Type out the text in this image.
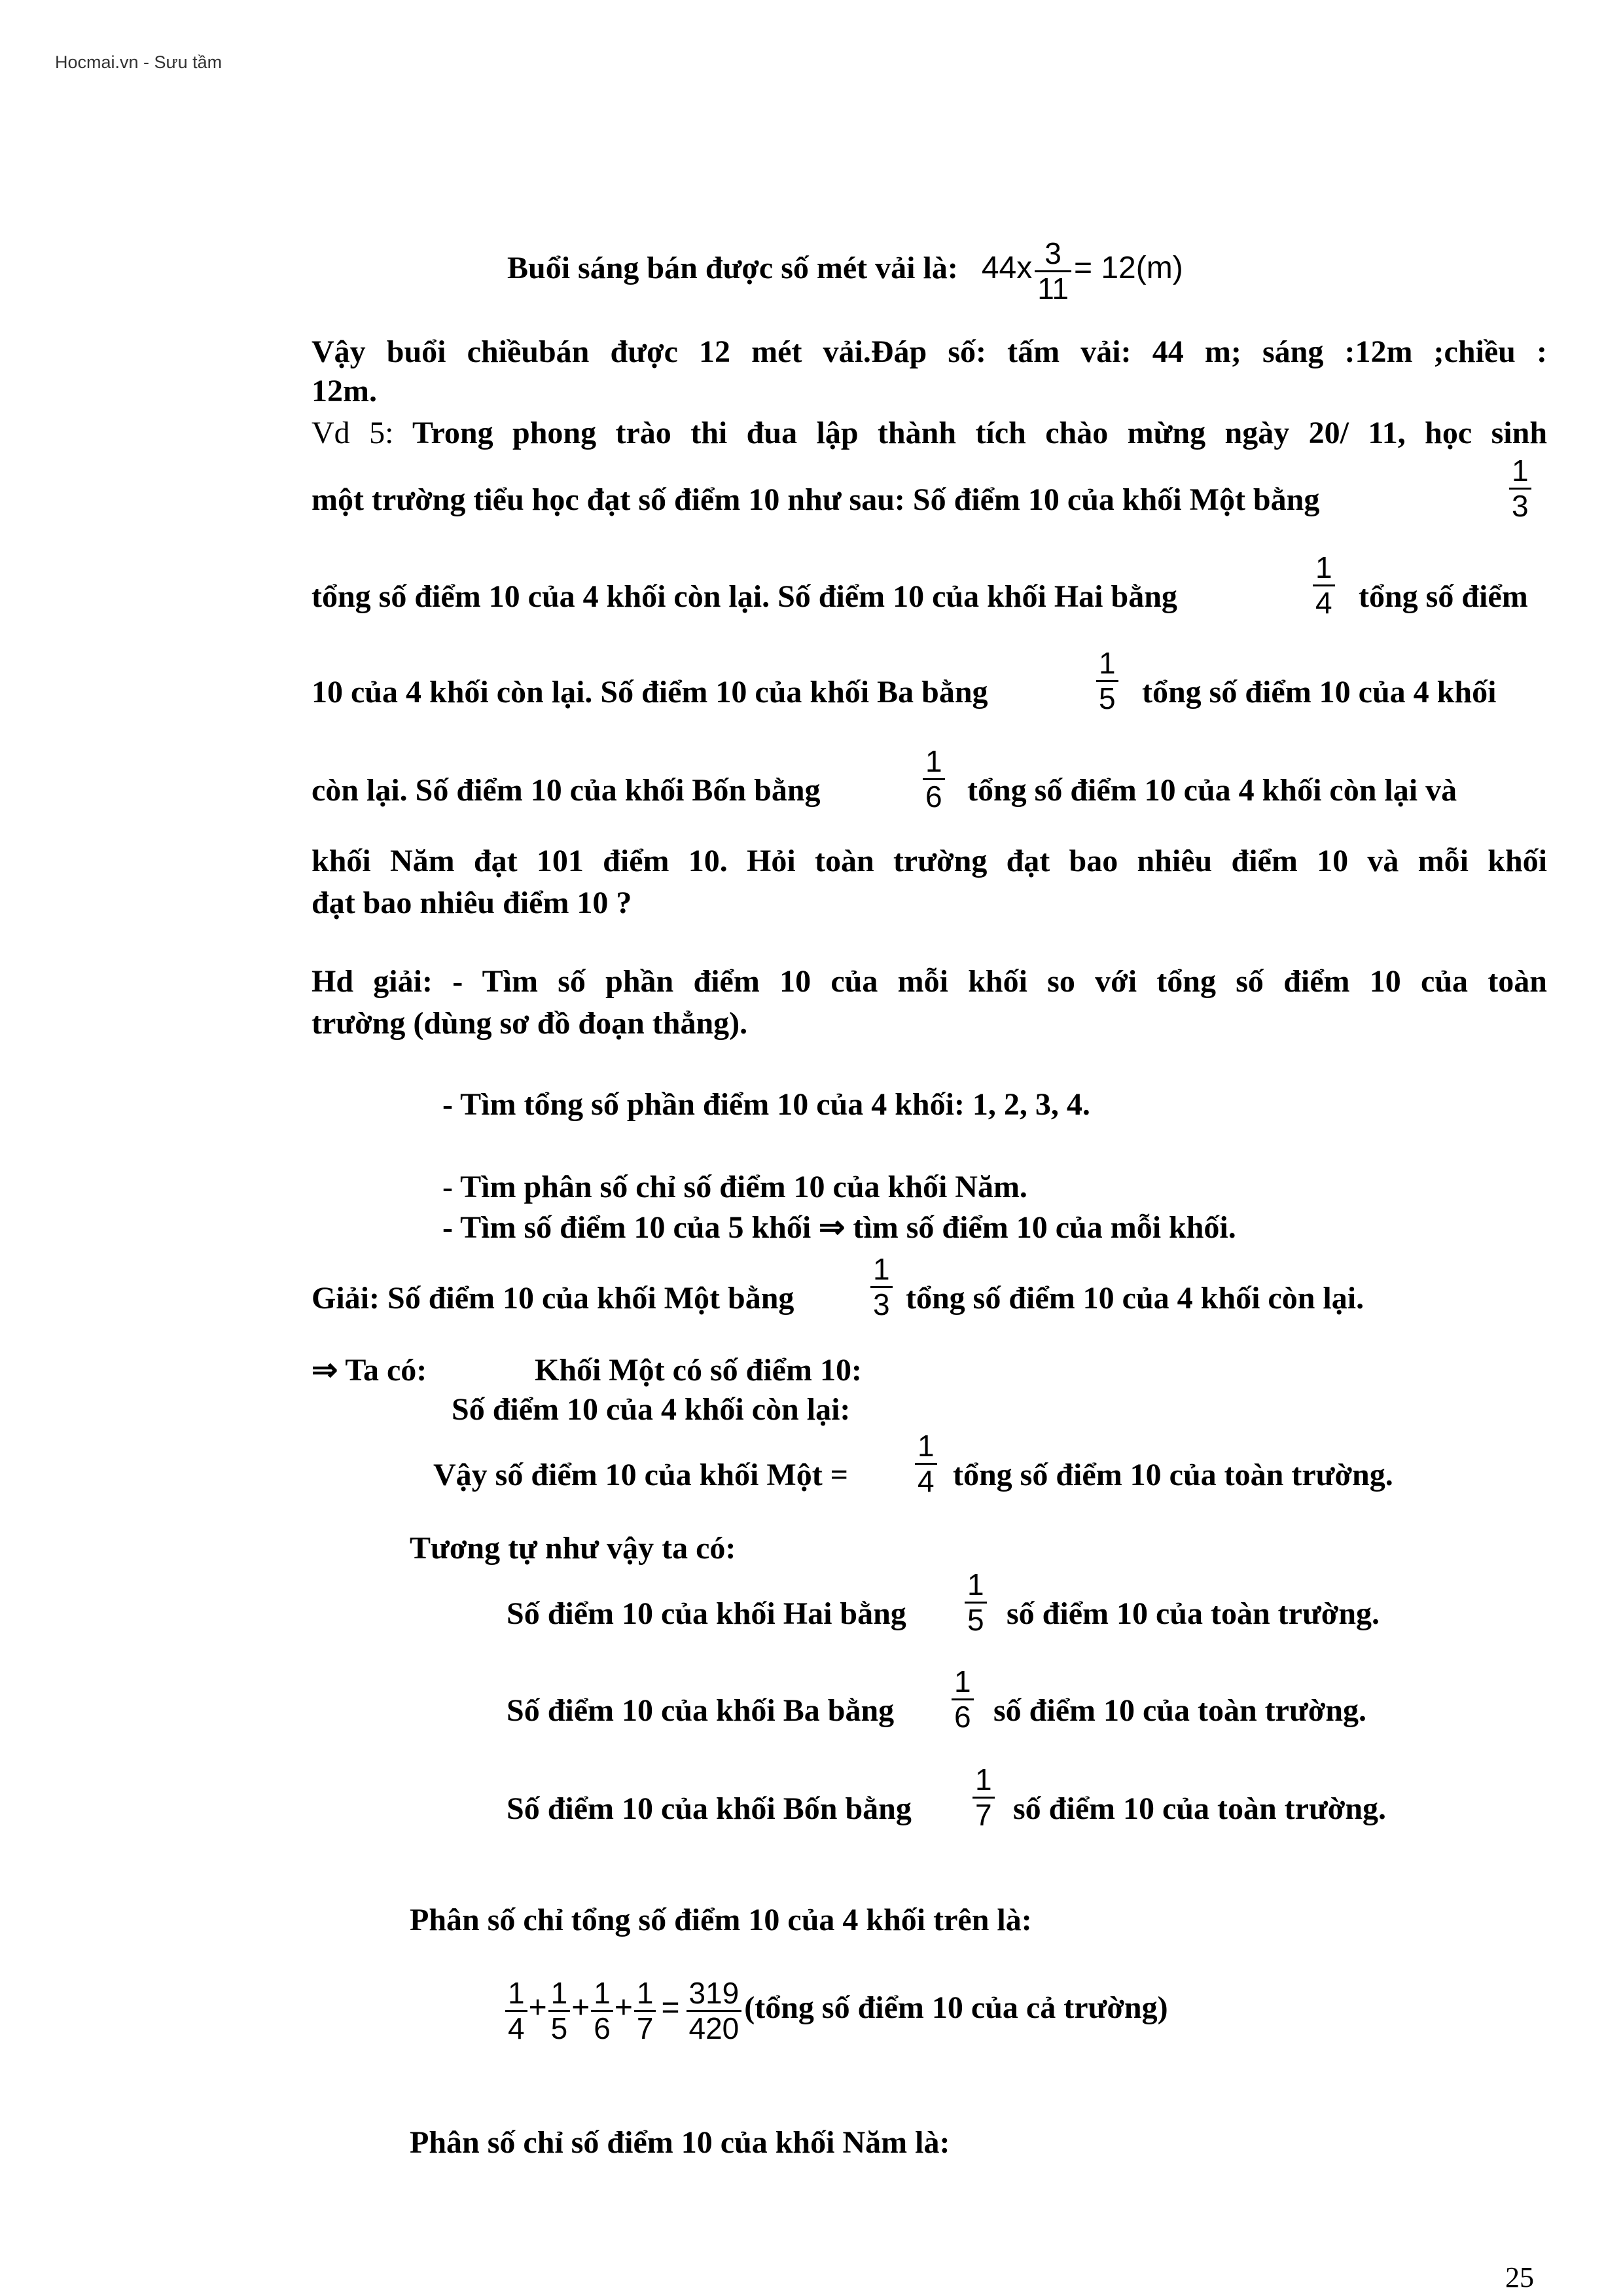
Hocmai.vn - Sưu tầm
Buổi sáng bán được số mét vải là: $44x \frac{3}{11} = 12(m)$
Vậy buổi chiềubán được 12 mét vải.Đáp số: tấm vải: 44 m; sáng :12m ;chiều :
12m.
Vd 5: Trong phong trào thi đua lập thành tích chào mừng ngày 20/ 11, học sinh
một trường tiểu học đạt số điểm 10 như sau: Số điểm 10 của khối Một bằng	$\frac{1}{3}$
tổng số điểm 10 của 4 khối còn lại. Số điểm 10 của khối Hai bằng	$\frac{1}{4}$ tổng số điểm
10 của 4 khối còn lại. Số điểm 10 của khối Ba bằng	$\frac{1}{5}$ tổng số điểm 10 của 4 khối
còn lại. Số điểm 10 của khối Bốn bằng	$\frac{1}{6}$ tổng số điểm 10 của 4 khối còn lại và
khối Năm đạt 101 điểm 10. Hỏi toàn trường đạt bao nhiêu điểm 10 và mỗi khối
đạt bao nhiêu điểm 10 ?
Hd giải: - Tìm số phần điểm 10 của mỗi khối so với tổng số điểm 10 của toàn
trường (dùng sơ đồ đoạn thẳng).
- Tìm tổng số phần điểm 10 của 4 khối: 1, 2, 3, 4.
- Tìm phân số chỉ số điểm 10 của khối Năm.
- Tìm số điểm 10 của 5 khối ⇒ tìm số điểm 10 của mỗi khối.
Giải: Số điểm 10 của khối Một bằng	$\frac{1}{3}$ tổng số điểm 10 của 4 khối còn lại.
⇒ Ta có:	Khối Một có số điểm 10:
Số điểm 10 của 4 khối còn lại:
Vậy số điểm 10 của khối Một = $\frac{1}{4}$ tổng số điểm 10 của toàn trường.
Tương tự như vậy ta có:
Số điểm 10 của khối Hai bằng $\frac{1}{5}$ số điểm 10 của toàn trường.
Số điểm 10 của khối Ba bằng $\frac{1}{6}$ số điểm 10 của toàn trường.
Số điểm 10 của khối Bốn bằng $\frac{1}{7}$ số điểm 10 của toàn trường.
Phân số chỉ tổng số điểm 10 của 4 khối trên là:
$\frac{1}{4} + \frac{1}{5} + \frac{1}{6} + \frac{1}{7} = \frac{319}{420}$ (tổng số điểm 10 của cả trường)
Phân số chỉ số điểm 10 của khối Năm là:
25
